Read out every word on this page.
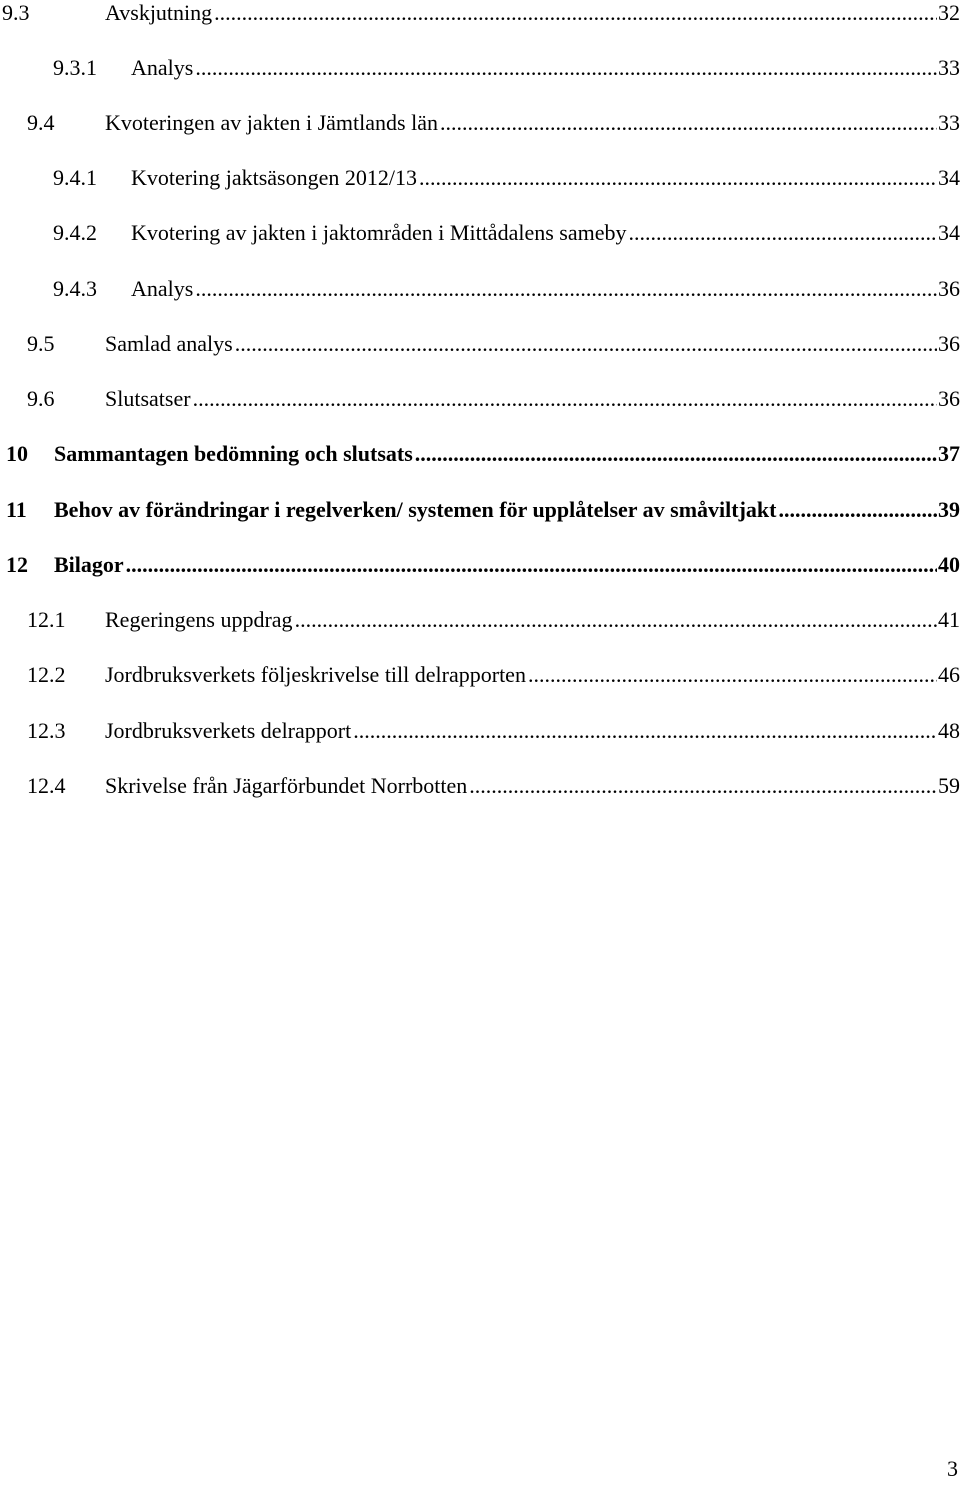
9.3	Avskjutning .....	32
9.3.1	Analys .....	33
9.4	Kvoteringen av jakten i Jämtlands län .....	33
9.4.1	Kvotering jaktsäsongen 2012/13 .....	34
9.4.2	Kvotering av jakten i jaktområden i Mittådalens sameby .....	34
9.4.3	Analys .....	36
9.5	Samlad analys .....	36
9.6	Slutsatser .....	36
10	Sammantagen bedömning och slutsats .....	37
11	Behov av förändringar i regelverken/ systemen för upplåtelser av småviltjakt .....	39
12	Bilagor .....	40
12.1	Regeringens uppdrag .....	41
12.2	Jordbruksverkets följeskrivelse till delrapporten .....	46
12.3	Jordbruksverkets delrapport .....	48
12.4	Skrivelse från Jägarförbundet Norrbotten .....	59
3
